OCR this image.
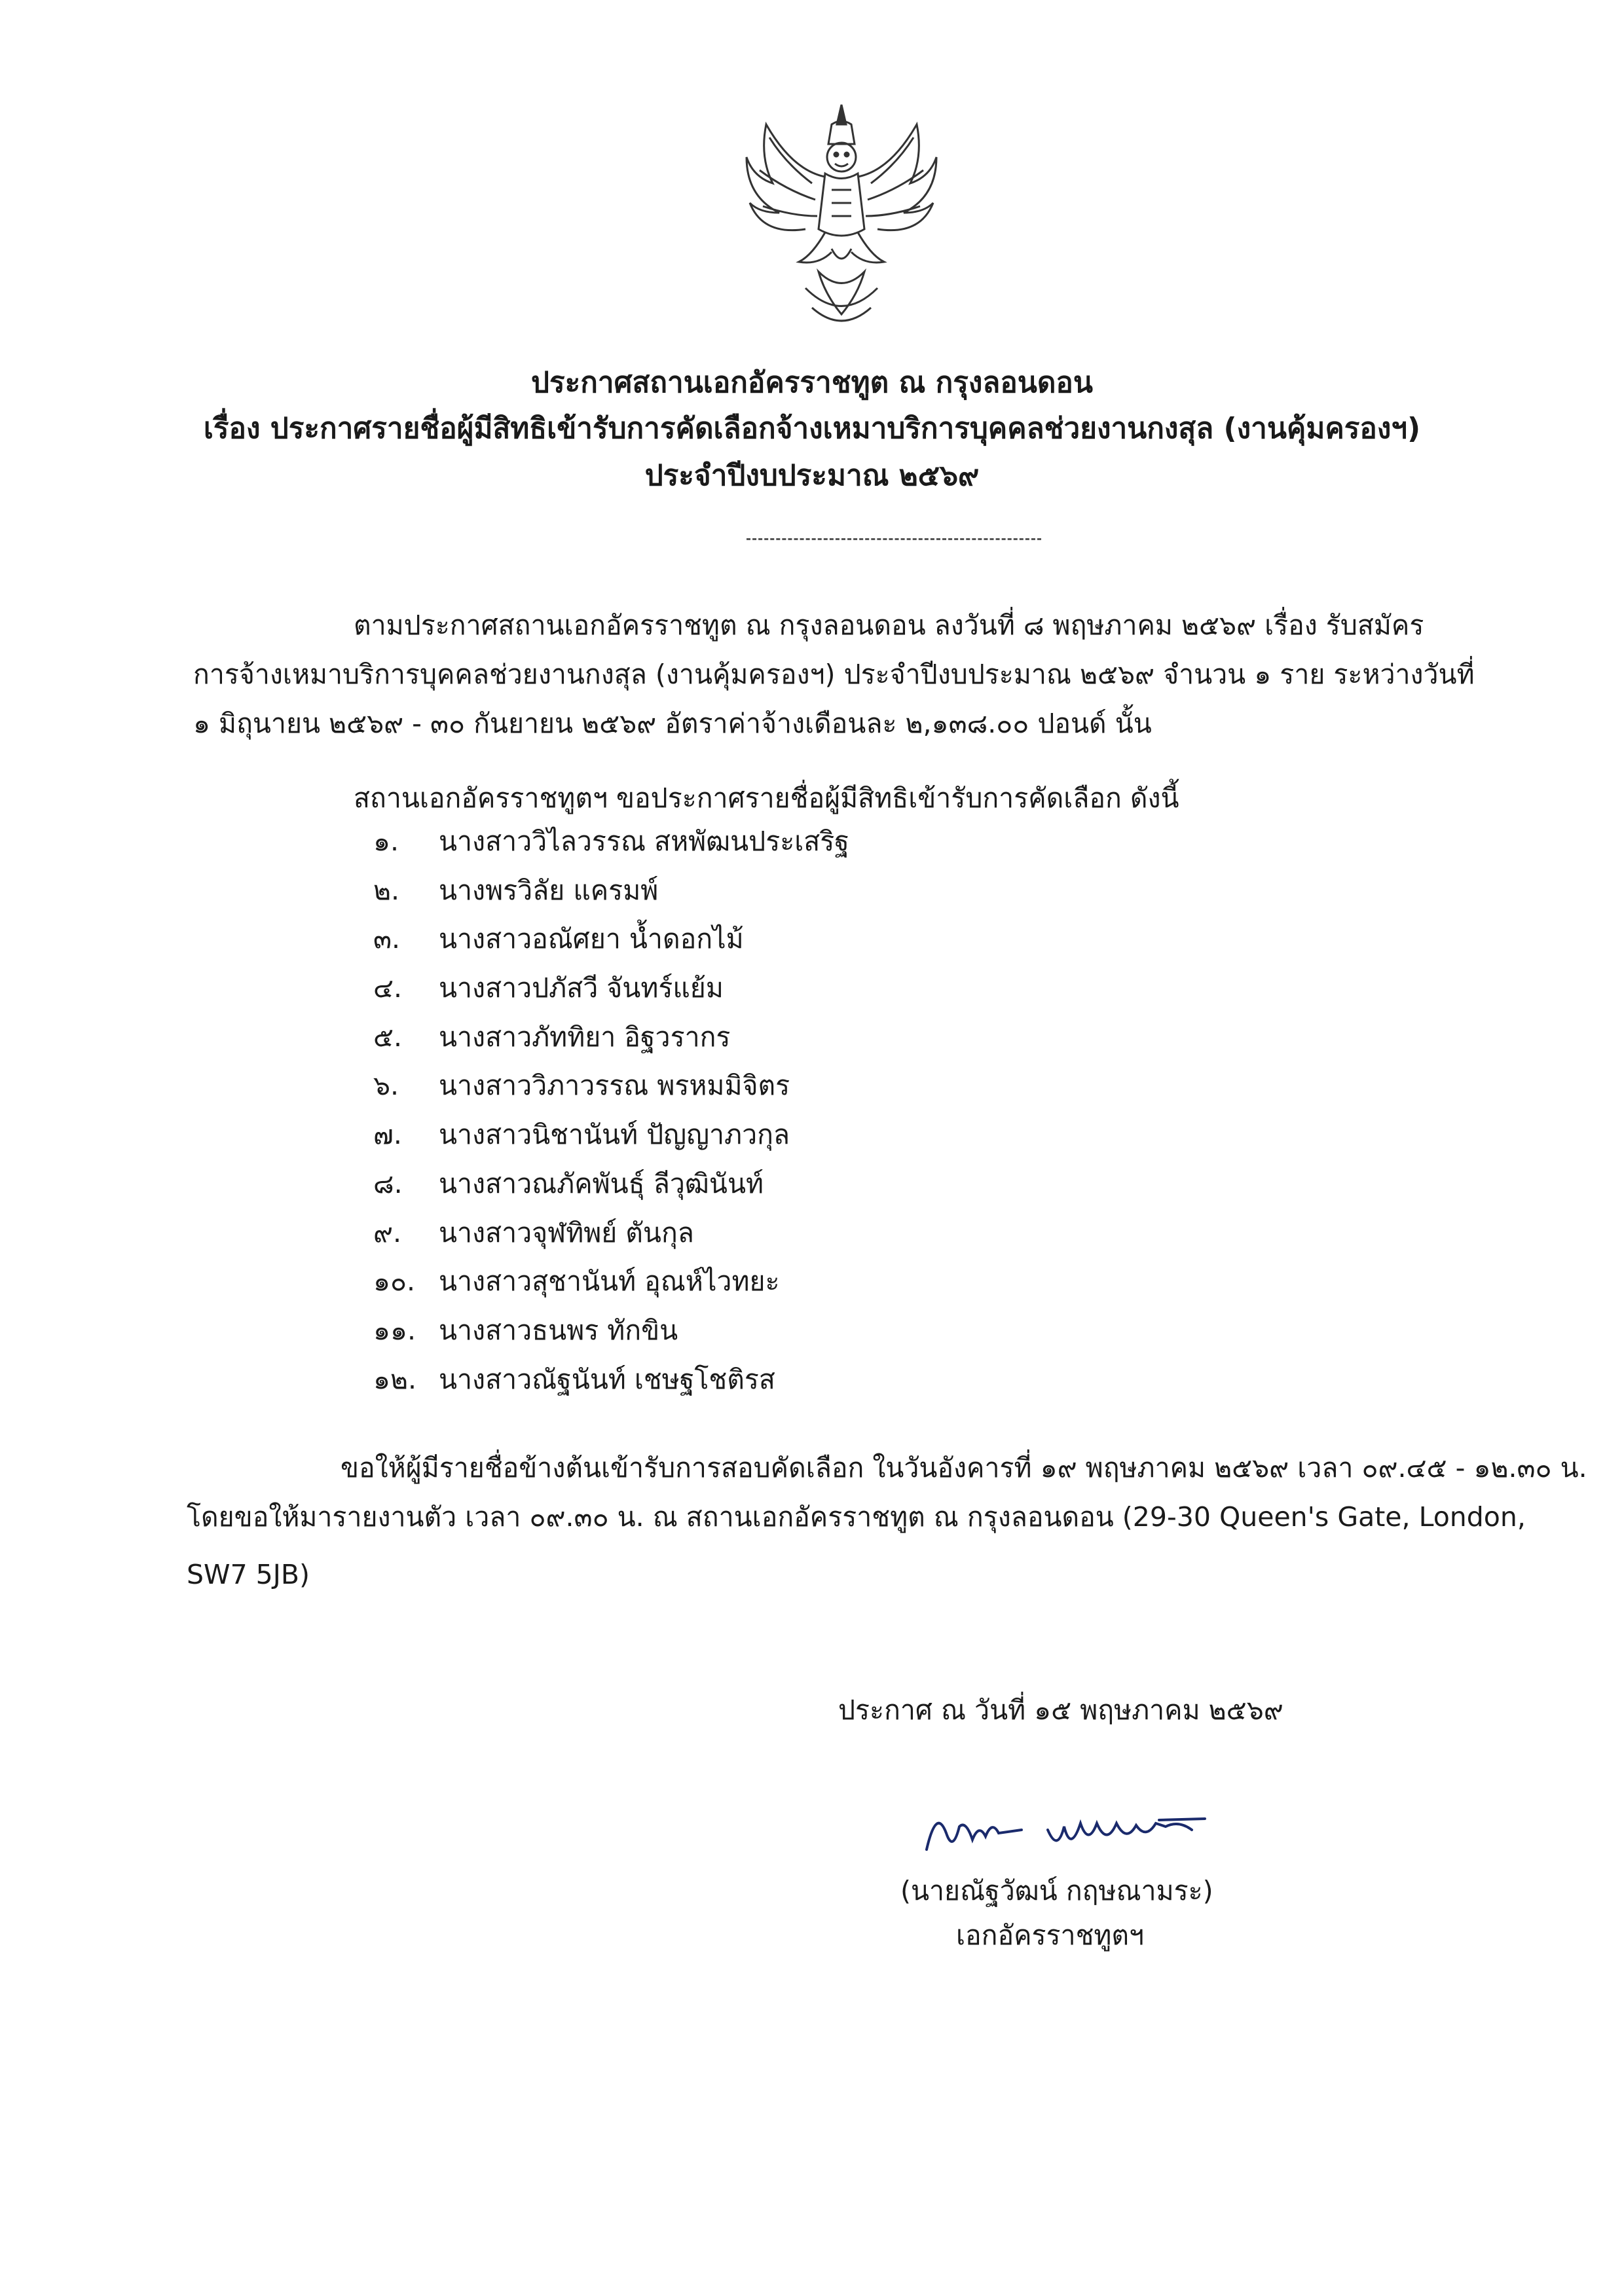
ประกาศสถานเอกอัครราชทูต ณ กรุงลอนดอน
เรื่อง ประกาศรายชื่อผู้มีสิทธิเข้ารับการคัดเลือกจ้างเหมาบริการบุคคลช่วยงานกงสุล (งานคุ้มครองฯ)
ประจำปีงบประมาณ ๒๕๖๙
ตามประกาศสถานเอกอัครราชทูต ณ กรุงลอนดอน ลงวันที่ ๘ พฤษภาคม ๒๕๖๙ เรื่อง รับสมัคร
การจ้างเหมาบริการบุคคลช่วยงานกงสุล (งานคุ้มครองฯ) ประจำปีงบประมาณ ๒๕๖๙ จำนวน ๑ ราย ระหว่างวันที่
๑ มิถุนายน ๒๕๖๙ - ๓๐ กันยายน ๒๕๖๙ อัตราค่าจ้างเดือนละ ๒,๑๓๘.๐๐ ปอนด์ นั้น
สถานเอกอัครราชทูตฯ ขอประกาศรายชื่อผู้มีสิทธิเข้ารับการคัดเลือก ดังนี้
๑. นางสาววิไลวรรณ สหพัฒนประเสริฐ
๒. นางพรวิลัย แครมพ์
๓. นางสาวอณัศยา น้ำดอกไม้
๔. นางสาวปภัสวี จันทร์แย้ม
๕. นางสาวภัททิยา อิฐวรากร
๖. นางสาววิภาวรรณ พรหมมิจิตร
๗. นางสาวนิชานันท์ ปัญญาภวกุล
๘. นางสาวณภัคพันธุ์ ลีวุฒินันท์
๙. นางสาวจุฬทิพย์ ตันกุล
๑๐. นางสาวสุชานันท์ อุณห์ไวทยะ
๑๑. นางสาวธนพร ทักขิน
๑๒. นางสาวณัฐนันท์ เชษฐโชติรส
ขอให้ผู้มีรายชื่อข้างต้นเข้ารับการสอบคัดเลือก ในวันอังคารที่ ๑๙ พฤษภาคม ๒๕๖๙ เวลา ๐๙.๔๕ - ๑๒.๓๐ น.
โดยขอให้มารายงานตัว เวลา ๐๙.๓๐ น. ณ สถานเอกอัครราชทูต ณ กรุงลอนดอน (29-30 Queen's Gate, London,
SW7 5JB)
ประกาศ ณ วันที่ ๑๕ พฤษภาคม ๒๕๖๙
(นายณัฐวัฒน์ กฤษณามระ)
เอกอัครราชทูตฯ
